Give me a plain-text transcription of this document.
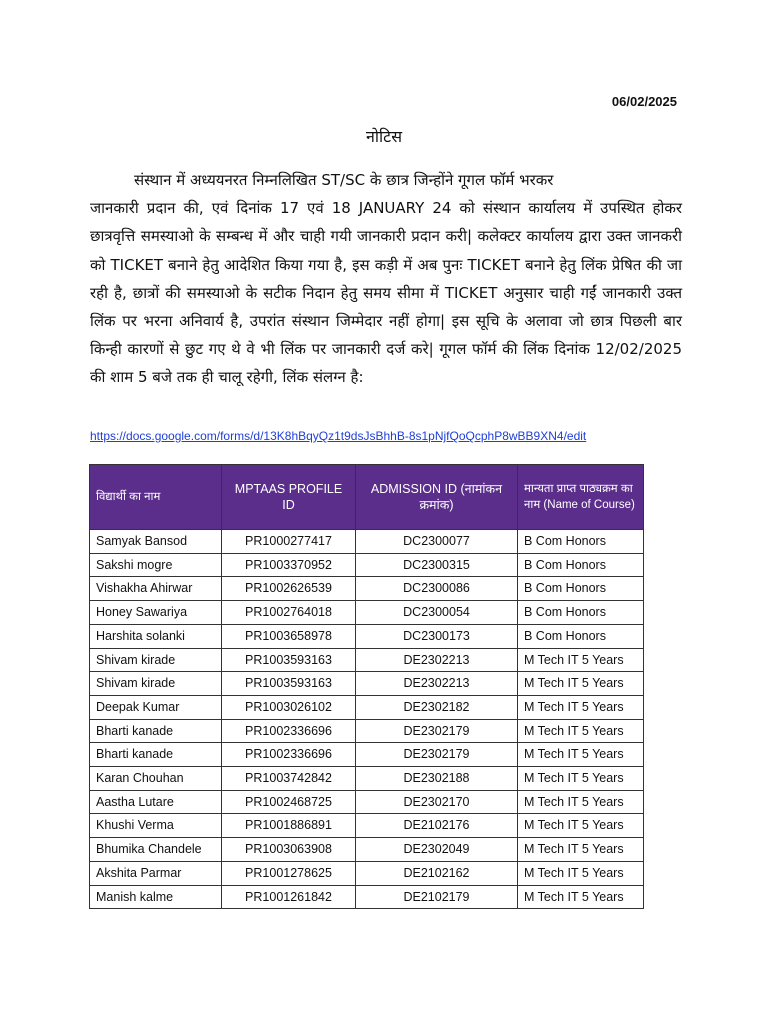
06/02/2025
नोटिस
संस्थान में अध्ययनरत निम्नलिखित ST/SC के छात्र जिन्होंने गूगल फॉर्म भरकर
जानकारी प्रदान की, एवं दिनांक 17 एवं 18 JANUARY 24 को संस्थान कार्यालय में उपस्थित होकर छात्रवृत्ति समस्याओ के सम्बन्ध में और चाही गयी जानकारी प्रदान करी| कलेक्टर कार्यालय द्वारा उक्त जानकरी को TICKET बनाने हेतु आदेशित किया गया है, इस कड़ी में अब पुनः TICKET बनाने हेतु लिंक प्रेषित की जा रही है, छात्रों की समस्याओ के सटीक निदान हेतु समय सीमा में TICKET अनुसार चाही गईं जानकारी उक्त लिंक पर भरना अनिवार्य है, उपरांत संस्थान जिम्मेदार नहीं होगा| इस सूचि के अलावा जो छात्र पिछली बार किन्ही कारणों से छुट गए थे वे भी लिंक पर जानकारी दर्ज करे| गूगल फॉर्म की लिंक दिनांक 12/02/2025 की शाम 5 बजे तक ही चालू रहेगी, लिंक संलग्न है:
https://docs.google.com/forms/d/13K8hBqyQz1t9dsJsBhhB-8s1pNjfQoQcphP8wBB9XN4/edit
विद्यार्थी का नाम	MPTAAS PROFILE ID	ADMISSION ID (नामांकन क्रमांक)	मान्यता प्राप्त पाठ्यक्रम का नाम (Name of Course)
Samyak Bansod	PR1000277417	DC2300077	B Com Honors
Sakshi mogre	PR1003370952	DC2300315	B Com Honors
Vishakha Ahirwar	PR1002626539	DC2300086	B Com Honors
Honey Sawariya	PR1002764018	DC2300054	B Com Honors
Harshita solanki	PR1003658978	DC2300173	B Com Honors
Shivam kirade	PR1003593163	DE2302213	M Tech IT 5 Years
Shivam kirade	PR1003593163	DE2302213	M Tech IT 5 Years
Deepak Kumar	PR1003026102	DE2302182	M Tech IT 5 Years
Bharti kanade	PR1002336696	DE2302179	M Tech IT 5 Years
Bharti kanade	PR1002336696	DE2302179	M Tech IT 5 Years
Karan Chouhan	PR1003742842	DE2302188	M Tech IT 5 Years
Aastha Lutare	PR1002468725	DE2302170	M Tech IT 5 Years
Khushi Verma	PR1001886891	DE2102176	M Tech IT 5 Years
Bhumika Chandele	PR1003063908	DE2302049	M Tech IT 5 Years
Akshita Parmar	PR1001278625	DE2102162	M Tech IT 5 Years
Manish kalme	PR1001261842	DE2102179	M Tech IT 5 Years
